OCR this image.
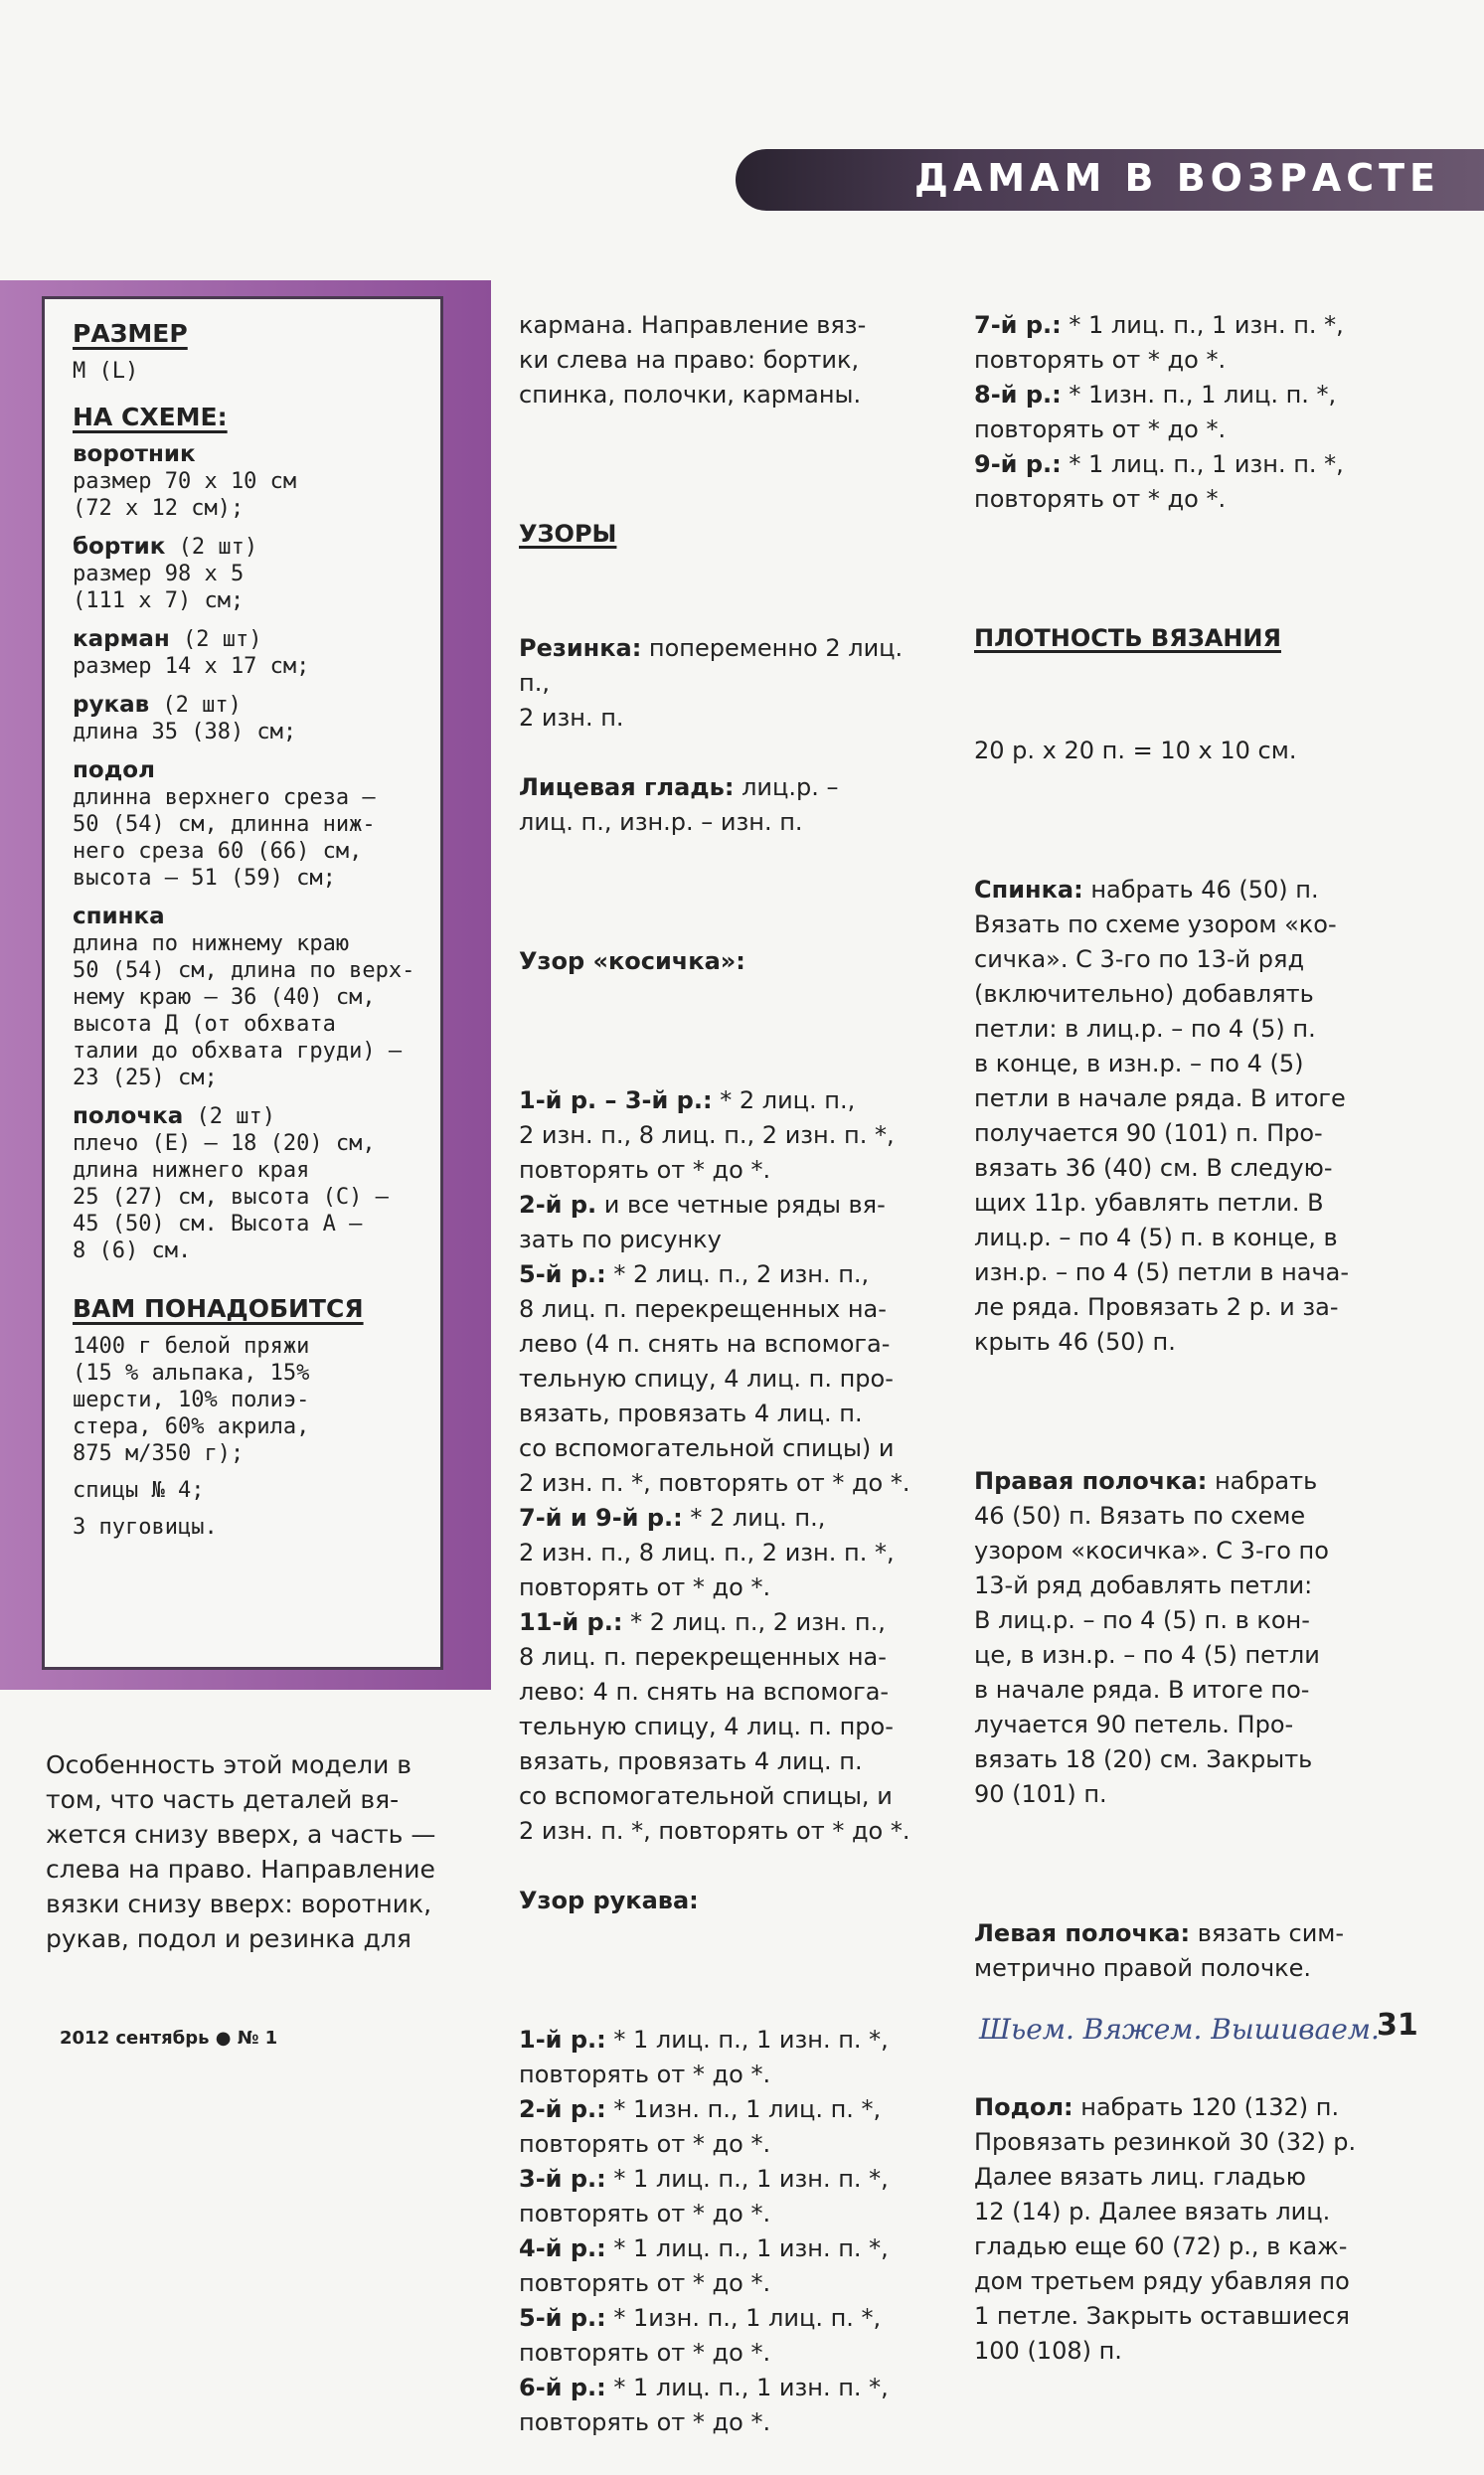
ДАМАМ В ВОЗРАСТЕ
РАЗМЕР

M (L)

НА СХЕМЕ:
воротник

размер 70 x 10 см
(72 x 12 см);

бортик (2 шт)

размер 98 x 5
(111 x 7) см;

карман (2 шт)

размер 14 x 17 см;

рукав (2 шт)

длина 35 (38) см;

подол

длинна верхнего среза –
50 (54) см, длинна ниж-
него среза 60 (66) см,
высота – 51 (59) см;

спинка

длина по нижнему краю
50 (54) см, длина по верх-
нему краю – 36 (40) см,
высота Д (от обхвата
талии до обхвата груди) –
23 (25) см;

полочка (2 шт)

плечо (Е) – 18 (20) см,
длина нижнего края
25 (27) см, высота (С) –
45 (50) см. Высота А –
8 (6) см.

ВАМ ПОНАДОБИТСЯ

1400 г белой пряжи
(15 % альпака, 15%
шерсти, 10% полиэ-
стера, 60% акрила,
875 м/350 г);

спицы № 4;

3 пуговицы.

Особенность этой модели в
том, что часть деталей вя-
жется снизу вверх, а часть —
слева на право. Направление
вязки снизу вверх: воротник,
рукав, подол и резинка для

кармана. Направление вяз-
ки слева на право: бортик,
спинка, полочки, карманы.

УЗОРЫ

Резинка: попеременно 2 лиц. п.,
2 изн. п.

Лицевая гладь: лиц.р. –
лиц. п., изн.р. – изн. п.

Узор «косичка»:

1-й р. – 3-й р.: * 2 лиц. п.,
2 изн. п., 8 лиц. п., 2 изн. п. *,
повторять от * до *.

2-й р. и все четные ряды вя-
зать по рисунку

5-й р.: * 2 лиц. п., 2 изн. п.,
8 лиц. п. перекрещенных на-
лево (4 п. снять на вспомога-
тельную спицу, 4 лиц. п. про-
вязать, провязать 4 лиц. п.
со вспомогательной спицы) и
2 изн. п. *, повторять от * до *.

7-й и 9-й р.: * 2 лиц. п.,
2 изн. п., 8 лиц. п., 2 изн. п. *,
повторять от * до *.

11-й р.: * 2 лиц. п., 2 изн. п.,
8 лиц. п. перекрещенных на-
лево: 4 п. снять на вспомога-
тельную спицу, 4 лиц. п. про-
вязать, провязать 4 лиц. п.
со вспомогательной спицы, и
2 изн. п. *, повторять от * до *.

Узор рукава:

1-й р.: * 1 лиц. п., 1 изн. п. *,
повторять от * до *.

2-й р.: * 1изн. п., 1 лиц. п. *,
повторять от * до *.

3-й р.: * 1 лиц. п., 1 изн. п. *,
повторять от * до *.

4-й р.: * 1 лиц. п., 1 изн. п. *,
повторять от * до *.

5-й р.: * 1изн. п., 1 лиц. п. *,
повторять от * до *.

6-й р.: * 1 лиц. п., 1 изн. п. *,
повторять от * до *.

7-й р.: * 1 лиц. п., 1 изн. п. *,
повторять от * до *.

8-й р.: * 1изн. п., 1 лиц. п. *,
повторять от * до *.

9-й р.: * 1 лиц. п., 1 изн. п. *,
повторять от * до *.

ПЛОТНОСТЬ ВЯЗАНИЯ

20 р. x 20 п. = 10 x 10 см.

Спинка: набрать 46 (50) п.
Вязать по схеме узором «ко-
сичка». С 3-го по 13-й ряд
(включительно) добавлять
петли: в лиц.р. – по 4 (5) п.
в конце, в изн.р. – по 4 (5)
петли в начале ряда. В итоге
получается 90 (101) п. Про-
вязать 36 (40) см. В следую-
щих 11р. убавлять петли. В
лиц.р. – по 4 (5) п. в конце, в
изн.р. – по 4 (5) петли в нача-
ле ряда. Провязать 2 р. и за-
крыть 46 (50) п.

Правая полочка: набрать
46 (50) п. Вязать по схеме
узором «косичка». С 3-го по
13-й ряд добавлять петли:
В лиц.р. – по 4 (5) п. в кон-
це, в изн.р. – по 4 (5) петли
в начале ряда. В итоге по-
лучается 90 петель. Про-
вязать 18 (20) см. Закрыть
90 (101) п.

Левая полочка: вязать сим-
метрично правой полочке.

Подол: набрать 120 (132) п.
Провязать резинкой 30 (32) р.
Далее вязать лиц. гладью
12 (14) р. Далее вязать лиц.
гладью еще 60 (72) р., в каж-
дом третьем ряду убавляя по
1 петле. Закрыть оставшиеся
100 (108) п.

2012 сентябрь ● № 1	Шьем. Вяжем. Вышиваем.
31
